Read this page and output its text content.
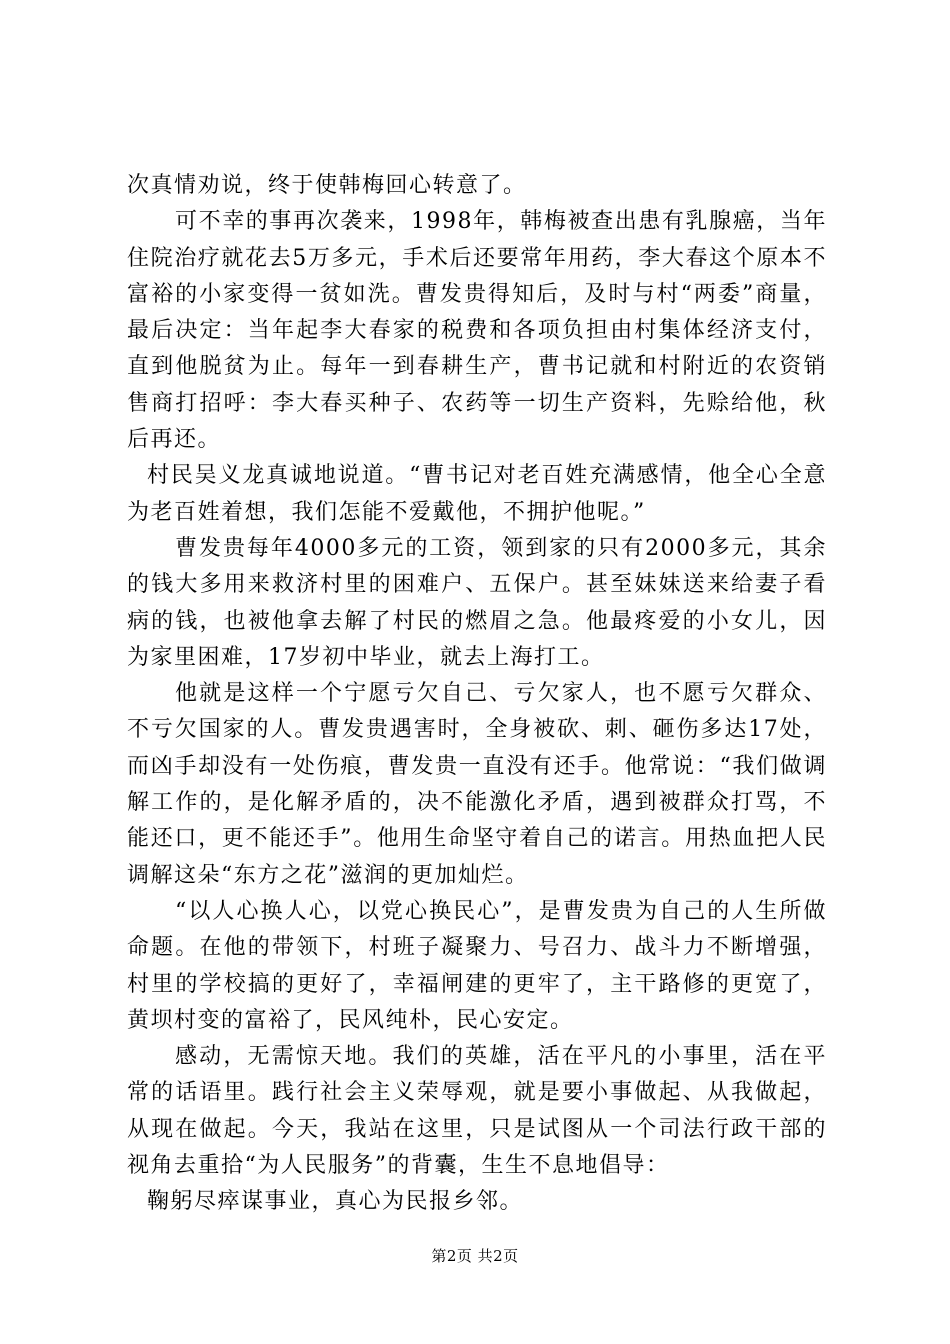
次真情劝说，终于使韩梅回心转意了。

可不幸的事再次袭来，1998年，韩梅被查出患有乳腺癌，当年住院治疗就花去5万多元，手术后还要常年用药，李大春这个原本不富裕的小家变得一贫如洗。曹发贵得知后，及时与村“两委”商量，最后决定：当年起李大春家的税费和各项负担由村集体经济支付，直到他脱贫为止。每年一到春耕生产，曹书记就和村附近的农资销售商打招呼：李大春买种子、农药等一切生产资料，先赊给他，秋后再还。

村民吴义龙真诚地说道。“曹书记对老百姓充满感情，他全心全意为老百姓着想，我们怎能不爱戴他，不拥护他呢。”

曹发贵每年4000多元的工资，领到家的只有2000多元，其余的钱大多用来救济村里的困难户、五保户。甚至妹妹送来给妻子看病的钱，也被他拿去解了村民的燃眉之急。他最疼爱的小女儿，因为家里困难，17岁初中毕业，就去上海打工。

他就是这样一个宁愿亏欠自己、亏欠家人，也不愿亏欠群众、不亏欠国家的人。曹发贵遇害时，全身被砍、刺、砸伤多达17处，而凶手却没有一处伤痕，曹发贵一直没有还手。他常说：“我们做调解工作的，是化解矛盾的，决不能激化矛盾，遇到被群众打骂，不能还口，更不能还手”。他用生命坚守着自己的诺言。用热血把人民调解这朵“东方之花”滋润的更加灿烂。

“以人心换人心，以党心换民心”，是曹发贵为自己的人生所做命题。在他的带领下，村班子凝聚力、号召力、战斗力不断增强，村里的学校搞的更好了，幸福闸建的更牢了，主干路修的更宽了，黄坝村变的富裕了，民风纯朴，民心安定。

感动，无需惊天地。我们的英雄，活在平凡的小事里，活在平常的话语里。践行社会主义荣辱观，就是要小事做起、从我做起，从现在做起。今天，我站在这里，只是试图从一个司法行政干部的视角去重拾“为人民服务”的背囊，生生不息地倡导：

鞠躬尽瘁谋事业，真心为民报乡邻。

第2页 共2页
